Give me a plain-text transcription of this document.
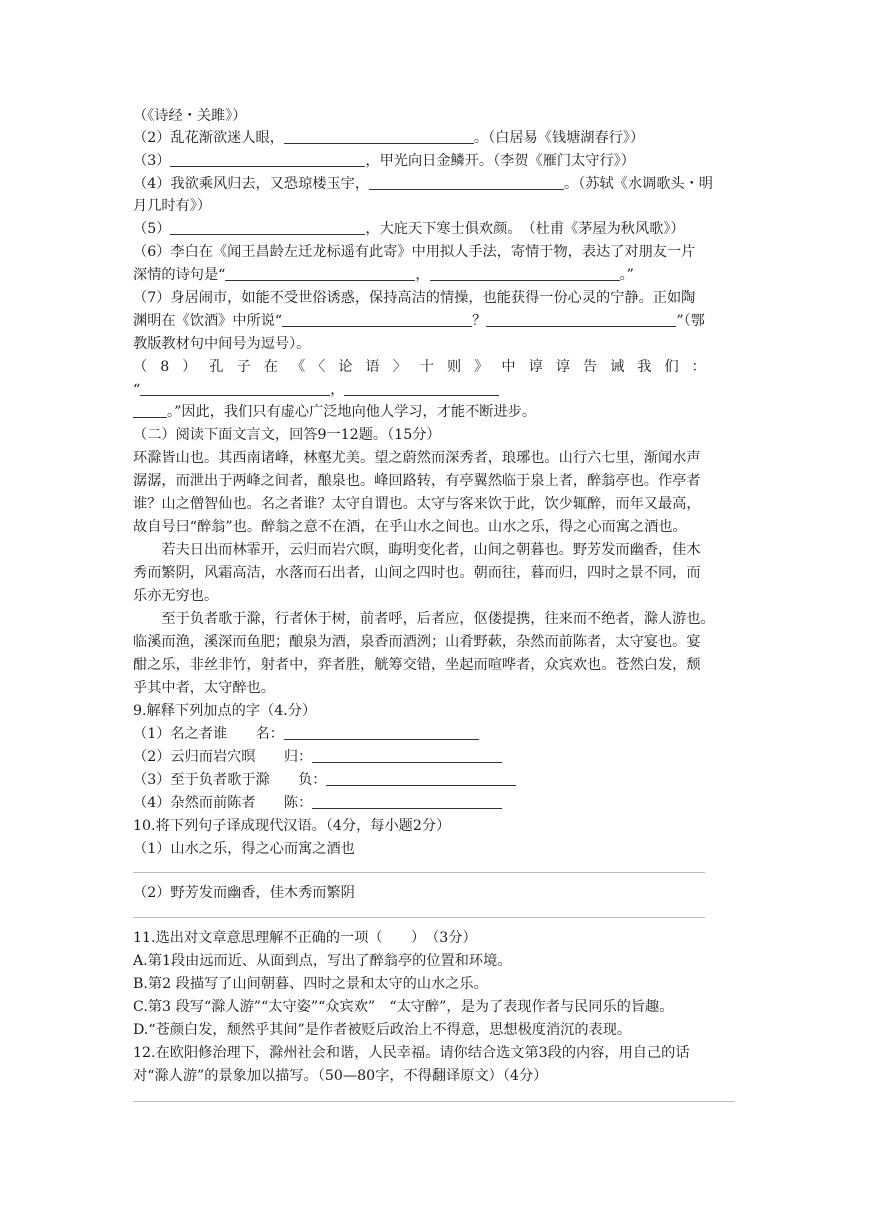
（《诗经・关雎》）
（2）乱花渐欲迷人眼，	。（白居易《钱塘湖春行》）
（3）	，甲光向日金鳞开。（李贺《雁门太守行》）
（4）我欲乘风归去，又恐琼楼玉宇，	。（苏轼《水调歌头・明
月几时有》）
（5）	，大庇天下寒士俱欢颜。　（杜甫《茅屋为秋风歌》）
（6）李白在《闻王昌龄左迁龙标遥有此寄》中用拟人手法，寄情于物，表达了对朋友一片
深情的诗句是“	，	。”
（7）身居闹市，如能不受世俗诱惑，保持高洁的情操，也能获得一份心灵的宁静。正如陶
渊明在《饮酒》中所说“	？	”（鄂
教版教材句中间号为逗号）。
（8）孔子在《〈论语〉十则》中谆谆告诫我们：
“	，
。”因此，我们只有虚心广泛地向他人学习，才能不断进步。
（二）阅读下面文言文，回答9一12题。（15分）
环滁皆山也。其西南诸峰，林壑尤美。望之蔚然而深秀者，琅琊也。山行六七里，渐闻水声
潺潺，而泄出于两峰之间者，酿泉也。峰回路转，有亭翼然临于泉上者，醉翁亭也。作亭者
谁？山之僧智仙也。名之者谁？太守自谓也。太守与客来饮于此，饮少辄醉，而年又最高，
故自号曰“醉翁”也。醉翁之意不在酒，在乎山水之间也。山水之乐，得之心而寓之酒也。
　　若夫日出而林霏开，云归而岩穴暝，晦明变化者，山间之朝暮也。野芳发而幽香，佳木
秀而繁阴，风霜高洁，水落而石出者，山间之四时也。朝而往，暮而归，四时之景不同，而
乐亦无穷也。
　　至于负者歌于滁，行者休于树，前者呼，后者应，伛偻提携，往来而不绝者，滁人游也。
临溪而渔，溪深而鱼肥；酿泉为酒，泉香而酒洌；山肴野蔌，杂然而前陈者，太守宴也。宴
酣之乐，非丝非竹，射者中，弈者胜，觥筹交错，坐起而喧哗者，众宾欢也。苍然白发，颓
乎其中者，太守醉也。
9.解释下列加点的字（4.分）
（1）名之者谁　　名：
（2）云归而岩穴暝　　归：
（3）至于负者歌于滁　　负：
（4）杂然而前陈者　　陈：
10.将下列句子译成现代汉语。（4分，每小题2分）
（1）山水之乐，得之心而寓之酒也
（2）野芳发而幽香，佳木秀而繁阴
11.选出对文章意思理解不正确的一项（　　）　（3分）
A.第1段由远而近、从面到点，写出了醉翁亭的位置和环境。
B.第2 段描写了山间朝暮、四时之景和太守的山水之乐。
C.第3 段写“滁人游”“太守姿”“众宾欢”　“太守醉”，是为了表现作者与民同乐的旨趣。
D.“苍颜白发，颓然乎其间”是作者被贬后政治上不得意，思想极度消沉的表现。
12.在欧阳修治理下，滁州社会和谐，人民幸福。请你结合选文第3段的内容，用自己的话
对“滁人游”的景象加以描写。（50—80字，不得翻译原文）（4分）
